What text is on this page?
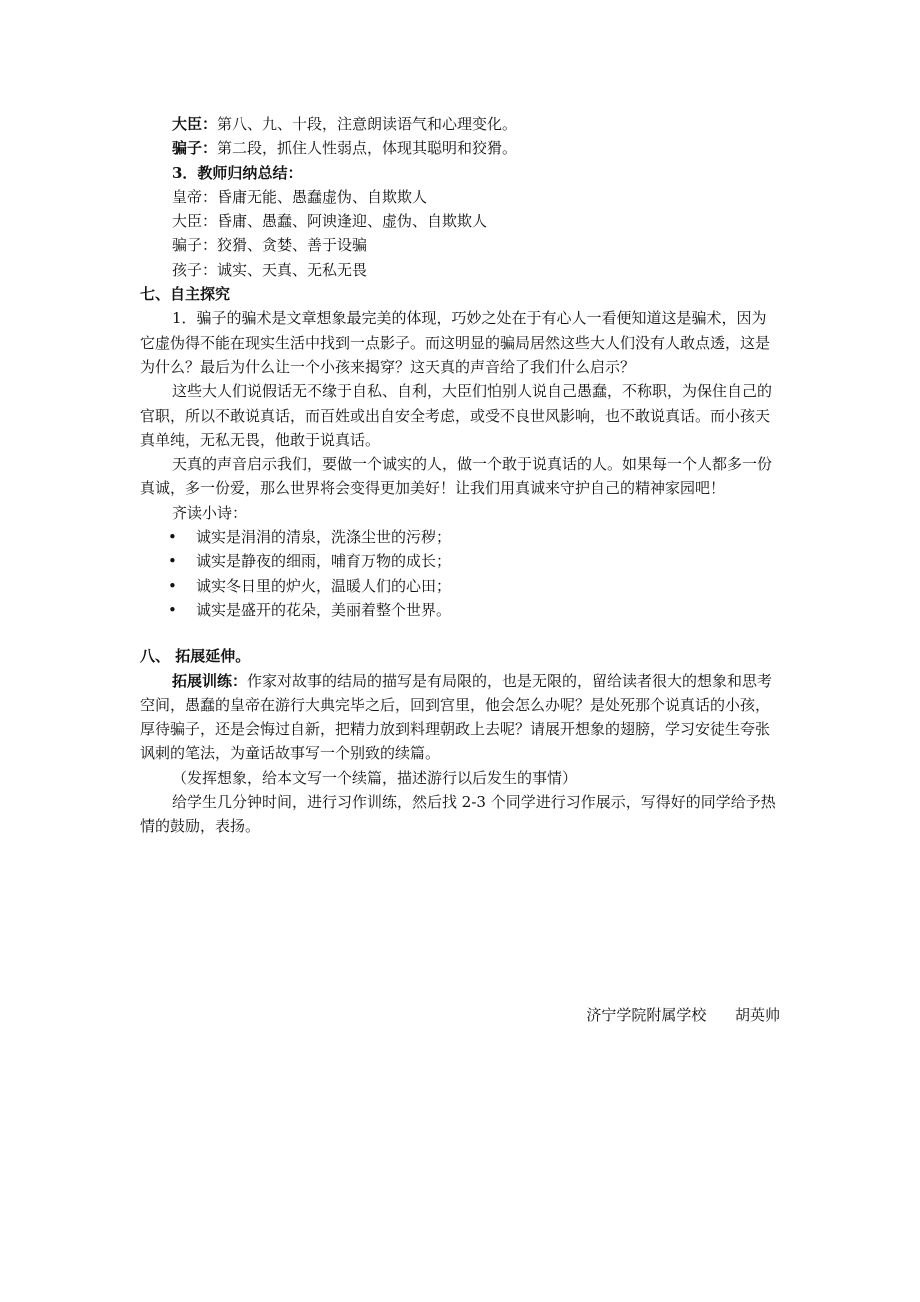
大臣：第八、九、十段，注意朗读语气和心理变化。

骗子：第二段，抓住人性弱点，体现其聪明和狡猾。

3．教师归纳总结：

皇帝：昏庸无能、愚蠢虚伪、自欺欺人

大臣：昏庸、愚蠢、阿谀逢迎、虚伪、自欺欺人

骗子：狡猾、贪婪、善于设骗

孩子：诚实、天真、无私无畏

七、自主探究

1．骗子的骗术是文章想象最完美的体现，巧妙之处在于有心人一看便知道这是骗术，因为它虚伪得不能在现实生活中找到一点影子。而这明显的骗局居然这些大人们没有人敢点透，这是为什么？最后为什么让一个小孩来揭穿？这天真的声音给了我们什么启示？

这些大人们说假话无不缘于自私、自利，大臣们怕别人说自己愚蠢，不称职，为保住自己的官职，所以不敢说真话，而百姓或出自安全考虑，或受不良世风影响，也不敢说真话。而小孩天真单纯，无私无畏，他敢于说真话。

天真的声音启示我们，要做一个诚实的人，做一个敢于说真话的人。如果每一个人都多一份真诚，多一份爱，那么世界将会变得更加美好！让我们用真诚来守护自己的精神家园吧！

齐读小诗：

• 诚实是涓涓的清泉，洗涤尘世的污秽；
• 诚实是静夜的细雨，哺育万物的成长；
• 诚实冬日里的炉火，温暖人们的心田；
• 诚实是盛开的花朵，美丽着整个世界。

八、 拓展延伸。

拓展训练：作家对故事的结局的描写是有局限的，也是无限的，留给读者很大的想象和思考空间，愚蠢的皇帝在游行大典完毕之后，回到宫里，他会怎么办呢？是处死那个说真话的小孩，厚待骗子，还是会悔过自新，把精力放到料理朝政上去呢？请展开想象的翅膀，学习安徒生夸张讽刺的笔法，为童话故事写一个别致的续篇。

（发挥想象，给本文写一个续篇，描述游行以后发生的事情）

给学生几分钟时间，进行习作训练，然后找 2-3 个同学进行习作展示，写得好的同学给予热情的鼓励，表扬。

济宁学院附属学校 胡英帅
